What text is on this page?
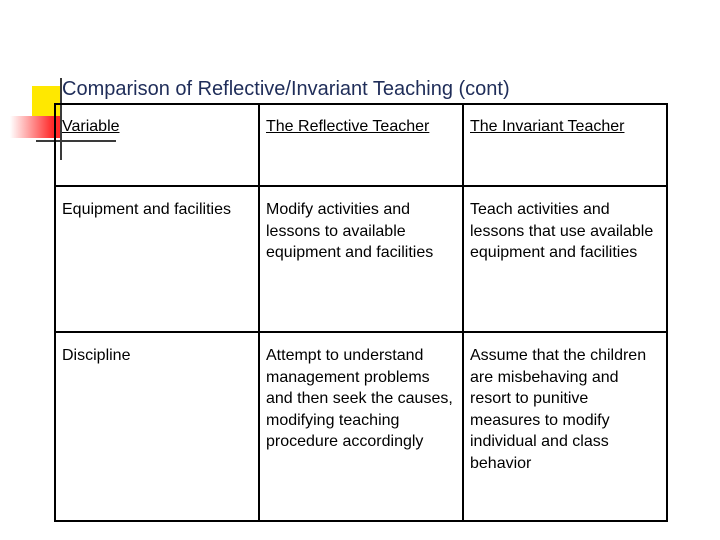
Comparison of Reflective/Invariant Teaching (cont)
Variable	The Reflective Teacher	The Invariant Teacher
Equipment and facilities	Modify activities and lessons to available equipment and facilities	Teach activities and lessons that use available equipment and facilities
Discipline	Attempt to understand management problems and then seek the causes, modifying teaching procedure accordingly	Assume that the children are misbehaving and resort to punitive measures to modify individual and class behavior
